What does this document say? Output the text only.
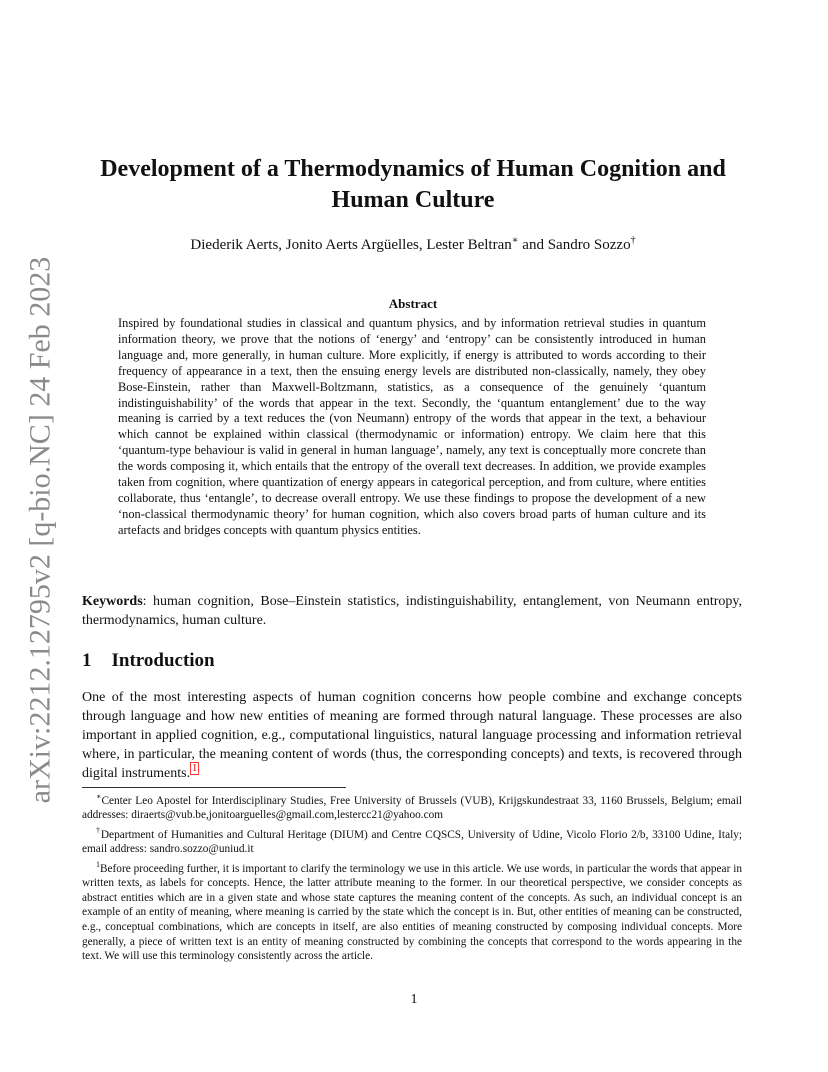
arXiv:2212.12795v2 [q-bio.NC] 24 Feb 2023
Development of a Thermodynamics of Human Cognition and Human Culture
Diederik Aerts, Jonito Aerts Argüelles, Lester Beltran∗ and Sandro Sozzo†
Abstract

Inspired by foundational studies in classical and quantum physics, and by information retrieval studies in quantum information theory, we prove that the notions of ‘energy’ and ‘entropy’ can be consistently introduced in human language and, more generally, in human culture. More explicitly, if energy is attributed to words according to their frequency of appearance in a text, then the ensuing energy levels are distributed non-classically, namely, they obey Bose-Einstein, rather than Maxwell-Boltzmann, statistics, as a consequence of the genuinely ‘quantum indistinguishability’ of the words that appear in the text. Secondly, the ‘quantum entanglement’ due to the way meaning is carried by a text reduces the (von Neumann) entropy of the words that appear in the text, a behaviour which cannot be explained within classical (thermodynamic or information) entropy. We claim here that this ‘quantum-type behaviour is valid in general in human language’, namely, any text is conceptually more concrete than the words composing it, which entails that the entropy of the overall text decreases. In addition, we provide examples taken from cognition, where quantization of energy appears in categorical perception, and from culture, where entities collaborate, thus ‘entangle’, to decrease overall entropy. We use these findings to propose the development of a new ‘non-classical thermodynamic theory’ for human cognition, which also covers broad parts of human culture and its artefacts and bridges concepts with quantum physics entities.

Keywords: human cognition, Bose–Einstein statistics, indistinguishability, entanglement, von Neumann entropy, thermodynamics, human culture.

1 Introduction

One of the most interesting aspects of human cognition concerns how people combine and exchange concepts through language and how new entities of meaning are formed through natural language. These processes are also important in applied cognition, e.g., computational linguistics, natural language processing and information retrieval where, in particular, the meaning content of words (thus, the corresponding concepts) and texts, is recovered through digital instruments. $^1$

∗Center Leo Apostel for Interdisciplinary Studies, Free University of Brussels (VUB), Krijgskundestraat 33, 1160 Brussels, Belgium; email addresses: diraerts@vub.be,jonitoarguelles@gmail.com,lestercc21@yahoo.com

†Department of Humanities and Cultural Heritage (DIUM) and Centre CQSCS, University of Udine, Vicolo Florio 2/b, 33100 Udine, Italy; email address: sandro.sozzo@uniud.it

$^1$Before proceeding further, it is important to clarify the terminology we use in this article. We use words, in particular the words that appear in written texts, as labels for concepts. Hence, the latter attribute meaning to the former. In our theoretical perspective, we consider concepts as abstract entities which are in a given state and whose state captures the meaning content of the concepts. As such, an individual concept is an example of an entity of meaning, where meaning is carried by the state which the concept is in. But, other entities of meaning can be constructed, e.g., conceptual combinations, which are concepts in itself, are also entities of meaning constructed by composing individual concepts. More generally, a piece of written text is an entity of meaning constructed by combining the concepts that correspond to the words appearing in the text. We will use this terminology consistently across the article.

1
